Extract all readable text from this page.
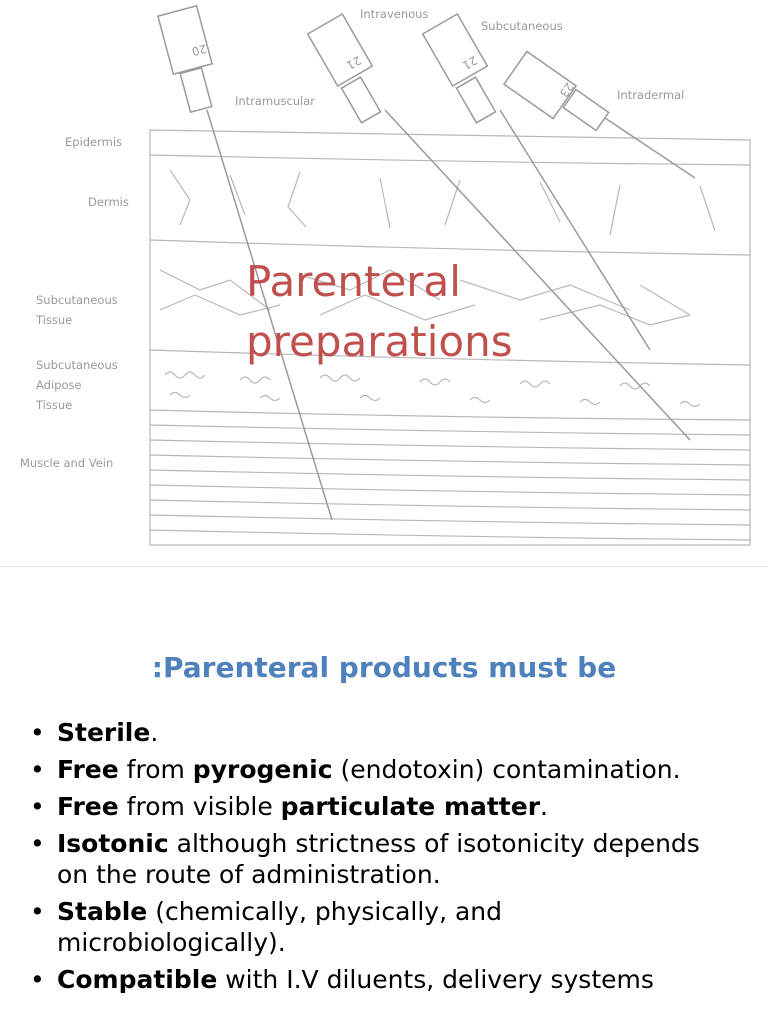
20
21	21
23
Intravenous
Subcutaneous
Intramuscular	Intradermal
Epidermis
Dermis
Subcutaneous
Tissue
Subcutaneous
Adipose
Tissue
Muscle and Vein
Parenteral
preparations
:Parenteral products must be
• Sterile.
• Free from pyrogenic (endotoxin) contamination.
• Free from visible particulate matter.
• Isotonic although strictness of isotonicity depends on the route of administration.
• Stable (chemically, physically, and microbiologically).
• Compatible with I.V diluents, delivery systems
